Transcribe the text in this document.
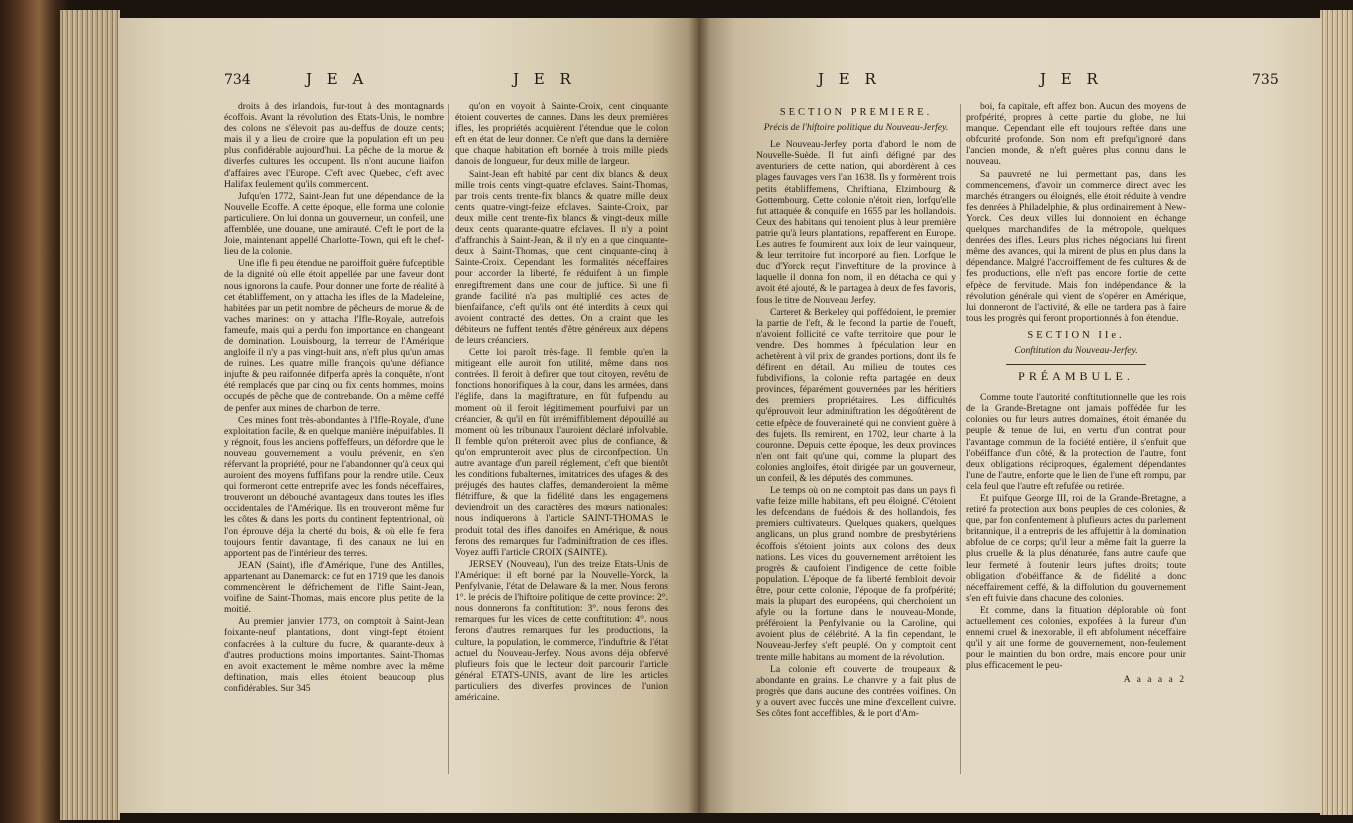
734	J E A	J E R

droits à des irlandois, fur-tout à des montagnards écoffois. Avant la révolution des Etats-Unis, le nombre des colons ne s'élevoit pas au-deffus de douze cents; mais il y a lieu de croire que la population eft un peu plus confidérable aujourd'hui. La pêche de la morue & diverfes cultures les occupent. Ils n'ont aucune liaifon d'affaires avec l'Europe. C'eft avec Quebec, c'eft avec Halifax feulement qu'ils commercent.

Jufqu'en 1772, Saint-Jean fut une dépendance de la Nouvelle Ecoffe. A cette époque, elle forma une colonie particuliere. On lui donna un gouverneur, un confeil, une affemblée, une douane, une amirauté. C'eft le port de la Joie, maintenant appellé Charlotte-Town, qui eft le chef-lieu de la colonie.

Une ifle fi peu étendue ne paroiffoit guère fufceptible de la dignité où elle étoit appellée par une faveur dont nous ignorons la caufe. Pour donner une forte de réalité à cet établiffement, on y attacha les ifles de la Madeleine, habitées par un petit nombre de pêcheurs de morue & de vaches marines: on y attacha l'Ifle-Royale, autrefois fameufe, mais qui a perdu fon importance en changeant de domination. Louisbourg, la terreur de l'Amérique angloife il n'y a pas vingt-huit ans, n'eft plus qu'un amas de ruines. Les quatre mille françois qu'une défiance injufte & peu raifonnée difperfa après la conquête, n'ont été remplacés que par cinq ou fix cents hommes, moins occupés de pêche que de contrebande. On a même ceffé de penfer aux mines de charbon de terre.

Ces mines font très-abondantes à l'Ifle-Royale, d'une exploitation facile, & en quelque manière inépuifables. Il y régnoit, fous les anciens poffeffeurs, un défordre que le nouveau gouvernement a voulu prévenir, en s'en réfervant la propriété, pour ne l'abandonner qu'à ceux qui auroient des moyens fuffifans pour la rendre utile. Ceux qui formeront cette entreprife avec les fonds néceffaires, trouveront un débouché avantageux dans toutes les ifles occidentales de l'Amérique. Ils en trouveront même fur les côtes & dans les ports du continent feptentrional, où l'on éprouve déja la cherté du bois, & où elle fe fera toujours fentir davantage, fi des canaux ne lui en apportent pas de l'intérieur des terres.

JEAN (Saint), ifle d'Amérique, l'une des Antilles, appartenant au Danemarck: ce fut en 1719 que les danois commencèrent le défrichement de l'ifle Saint-Jean, voifine de Saint-Thomas, mais encore plus petite de la moitié.

Au premier janvier 1773, on comptoit à Saint-Jean foixante-neuf plantations, dont vingt-fept étoient confacrées à la culture du fucre, & quarante-deux à d'autres productions moins importantes. Saint-Thomas en avoit exactement le même nombre avec la même deftination, mais elles étoient beaucoup plus confidérables. Sur 345

qu'on en voyoit à Sainte-Croix, cent cinquante étoient couvertes de cannes. Dans les deux premières ifles, les propriétés acquièrent l'étendue que le colon eft en état de leur donner. Ce n'eft que dans la dernière que chaque habitation eft bornée à trois mille pieds danois de longueur, fur deux mille de largeur.

Saint-Jean eft habité par cent dix blancs & deux mille trois cents vingt-quatre efclaves. Saint-Thomas, par trois cents trente-fix blancs & quatre mille deux cents quatre-vingt-feize efclaves. Sainte-Croix, par deux mille cent trente-fix blancs & vingt-deux mille deux cents quarante-quatre efclaves. Il n'y a point d'affranchis à Saint-Jean, & il n'y en a que cinquante-deux à Saint-Thomas, que cent cinquante-cinq à Sainte-Croix. Cependant les formalités néceffaires pour accorder la liberté, fe réduifent à un fimple enregiftrement dans une cour de juftice. Si une fi grande facilité n'a pas multiplié ces actes de bienfaifance, c'eft qu'ils ont été interdits à ceux qui avoient contracté des dettes. On a craint que les débiteurs ne fuffent tentés d'être généreux aux dépens de leurs créanciers.

Cette loi paroît très-fage. Il femble qu'en la mitigeant elle auroit fon utilité, même dans nos contrées. Il feroit à defirer que tout citoyen, revêtu de fonctions honorifiques à la cour, dans les armées, dans l'églife, dans la magiftrature, en fût fufpendu au moment où il feroit légitimement pourfuivi par un créancier, & qu'il en fût irrémiffiblement dépouillé au moment où les tribunaux l'auroient déclaré infolvable. Il femble qu'on préteroit avec plus de confiance, & qu'on emprunteroit avec plus de circonfpection. Un autre avantage d'un pareil réglement, c'eft que bientôt les conditions fubalternes, imitatrices des ufages & des préjugés des hautes claffes, demanderoient la même flétriffure, & que la fidélité dans les engagemens deviendroit un des caractères des mœurs nationales: nous indiquerons à l'article SAINT-THOMAS le produit total des ifles danoifes en Amérique, & nous ferons des remarques fur l'adminiftration de ces ifles. Voyez auffi l'article CROIX (SAINTE).

JERSEY (Nouveau), l'un des treize Etats-Unis de l'Amérique: il eft borné par la Nouvelle-Yorck, la Penfylvanie, l'état de Delaware & la mer. Nous ferons 1°. le précis de l'hiftoire politique de cette province: 2°. nous donnerons fa conftitution: 3°. nous ferons des remarques fur les vices de cette conftitution: 4°. nous ferons d'autres remarques fur les productions, la culture, la population, le commerce, l'induftrie & l'état actuel du Nouveau-Jerfey. Nous avons déja obfervé plufieurs fois que le lecteur doit parcourir l'article général ETATS-UNIS, avant de lire les articles particuliers des diverfes provinces de l'union américaine.

J E R	J E R	735
SECTION PREMIERE.
Précis de l'hiftoire politique du Nouveau-Jerfey.

Le Nouveau-Jerfey porta d'abord le nom de Nouvelle-Suède. Il fut ainfi défigné par des aventuriers de cette nation, qui abordèrent à ces plages fauvages vers l'an 1638. Ils y formèrent trois petits établiffemens, Chriftiana, Elzimbourg & Gottembourg. Cette colonie n'étoit rien, lorfqu'elle fut attaquée & conquife en 1655 par les hollandois. Ceux des habitans qui tenoient plus à leur première patrie qu'à leurs plantations, repafferent en Europe. Les autres fe foumirent aux loix de leur vainqueur, & leur territoire fut incorporé au fien. Lorfque le duc d'Yorck reçut l'inveftiture de la province à laquelle il donna fon nom, il en détacha ce qui y avoit été ajouté, & le partagea à deux de fes favoris, fous le titre de Nouveau Jerfey.

Carteret & Berkeley qui poffédoient, le premier la partie de l'eft, & le fecond la partie de l'oueft, n'avoient follicité ce vafte territoire que pour le vendre. Des hommes à fpéculation leur en achetèrent à vil prix de grandes portions, dont ils fe défirent en détail. Au milieu de toutes ces fubdivifions, la colonie refta partagée en deux provinces, féparément gouvernées par les héritiers des premiers propriétaires. Les difficultés qu'éprouvoit leur adminiftration les dégoûtèrent de cette efpèce de fouveraineté qui ne convient guère à des fujets. Ils remirent, en 1702, leur charte à la couronne. Depuis cette époque, les deux provinces n'en ont fait qu'une qui, comme la plupart des colonies angloifes, étoit dirigée par un gouverneur, un confeil, & les députés des communes.

Le temps où on ne comptoit pas dans un pays fi vafte feize mille habitans, eft peu éloigné. C'étoient les defcendans de fuédois & des hollandois, fes premiers cultivateurs. Quelques quakers, quelques anglicans, un plus grand nombre de presbytériens écoffois s'étoient joints aux colons des deux nations. Les vices du gouvernement arrêtoient les progrès & caufoient l'indigence de cette foible population. L'époque de fa liberté fembloit devoir être, pour cette colonie, l'époque de fa profpérité; mais la plupart des européens, qui cherchoient un afyle ou la fortune dans le nouveau-Monde, préféroient la Penfylvanie ou la Caroline, qui avoient plus de célébrité. A la fin cependant, le Nouveau-Jerfey s'eft peuplé. On y comptoit cent trente mille habitans au moment de la révolution.

La colonie eft couverte de troupeaux & abondante en grains. Le chanvre y a fait plus de progrès que dans aucune des contrées voifines. On y a ouvert avec fuccès une mine d'excellent cuivre. Ses côtes font acceffibles, & le port d'Am-

boi, fa capitale, eft affez bon. Aucun des moyens de profpérité, propres à cette partie du globe, ne lui manque. Cependant elle eft toujours reftée dans une obfcurité profonde. Son nom eft prefqu'ignoré dans l'ancien monde, & n'eft guères plus connu dans le nouveau.

Sa pauvreté ne lui permettant pas, dans les commencemens, d'avoir un commerce direct avec les marchés étrangers ou éloignés, elle étoit réduite à vendre fes denrées à Philadelphie, & plus ordinairement à New-Yorck. Ces deux villes lui donnoient en échange quelques marchandifes de la métropole, quelques denrées des ifles. Leurs plus riches négocians lui firent même des avances, qui la mirent de plus en plus dans la dépendance. Malgré l'accroiffement de fes cultures & de fes productions, elle n'eft pas encore fortie de cette efpèce de fervitude. Mais fon indépendance & la révolution générale qui vient de s'opérer en Amérique, lui donneront de l'activité, & elle ne tardera pas à faire tous les progrès qui feront proportionnés à fon étendue.

SECTION IIe.
Conftitution du Nouveau-Jerfey.
PRÉAMBULE.

Comme toute l'autorité conftitutionnelle que les rois de la Grande-Bretagne ont jamais poffédée fur les colonies ou fur leurs autres domaines, étoit émanée du peuple & tenue de lui, en vertu d'un contrat pour l'avantage commun de la fociété entière, il s'enfuit que l'obéiffance d'un côté, & la protection de l'autre, font deux obligations réciproques, également dépendantes l'une de l'autre, enforte que le lien de l'une eft rompu, par cela feul que l'autre eft refufée ou retirée.

Et puifque George III, roi de la Grande-Bretagne, a retiré fa protection aux bons peuples de ces colonies, & que, par fon confentement à plufieurs actes du parlement britannique, il a entrepris de les affujettir à la domination abfolue de ce corps; qu'il leur a même fait la guerre la plus cruelle & la plus dénaturée, fans autre caufe que leur fermeté à foutenir leurs juftes droits; toute obligation d'obéiffance & de fidélité a donc néceffairement ceffé, & la diffolution du gouvernement s'en eft fuivie dans chacune des colonies.

Et comme, dans la fituation déplorable où font actuellement ces colonies, expofées à la fureur d'un ennemi cruel & inexorable, il eft abfolument néceffaire qu'il y ait une forme de gouvernement, non-feulement pour le maintien du bon ordre, mais encore pour unir plus efficacement le peu-

A a a a a 2
